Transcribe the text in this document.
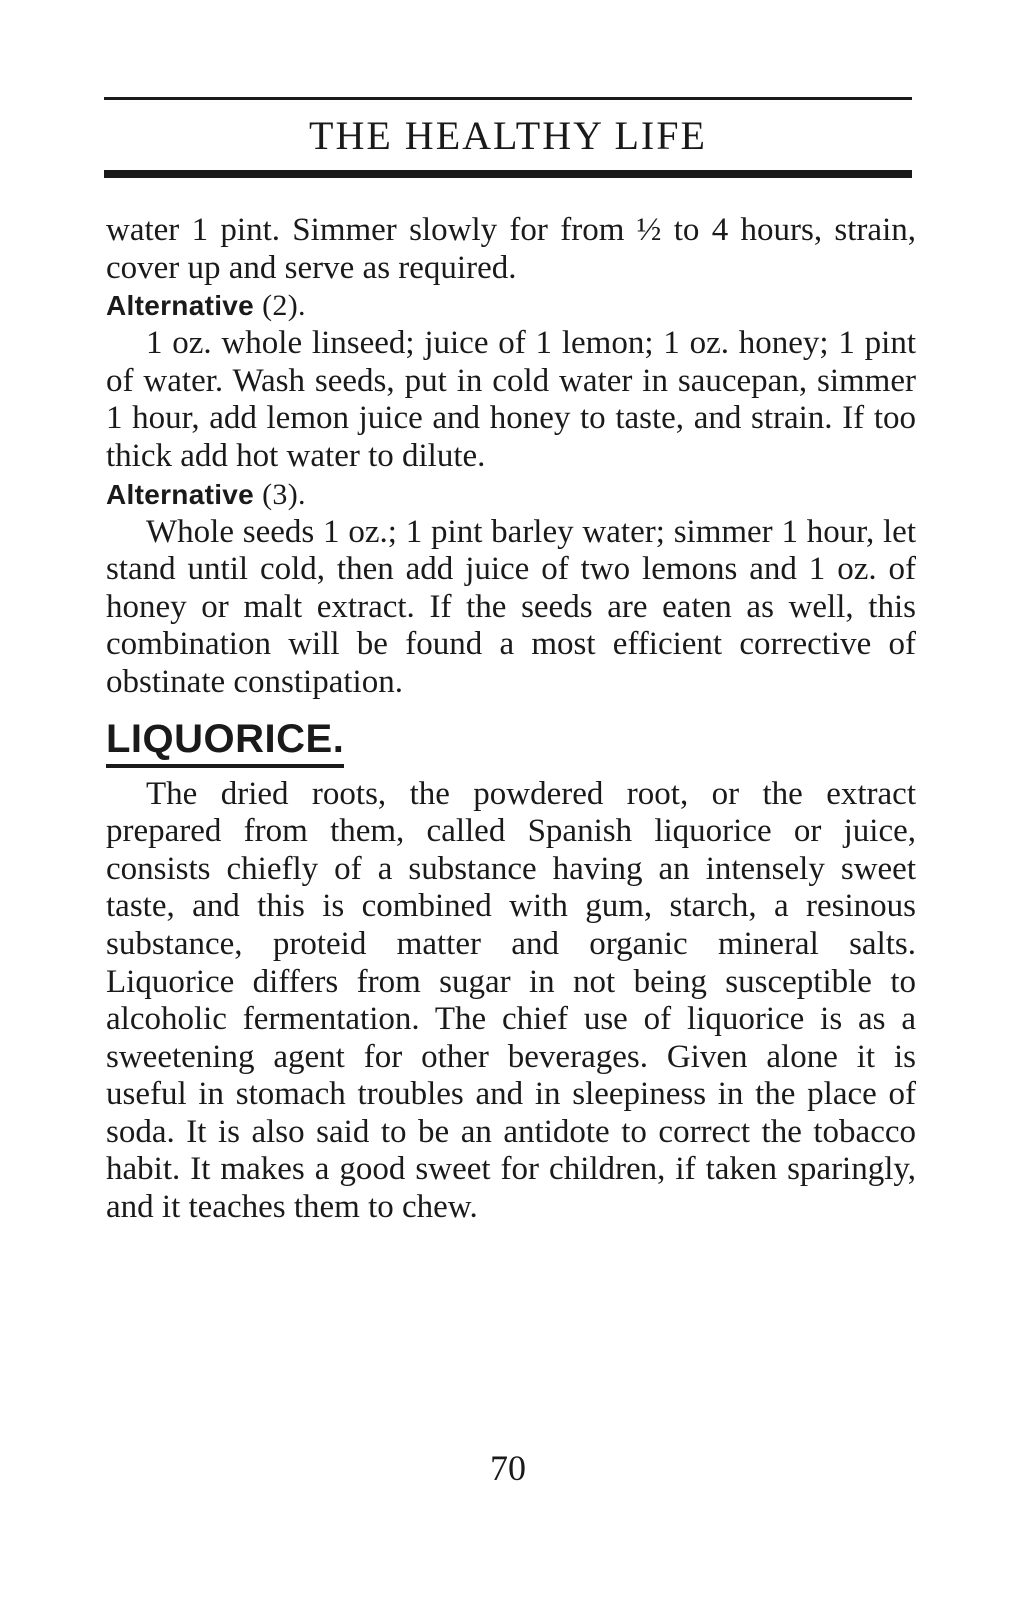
THE HEALTHY LIFE

water 1 pint. Simmer slowly for from ½ to 4 hours, strain, cover up and serve as required.

Alternative (2).

1 oz. whole linseed; juice of 1 lemon; 1 oz. honey; 1 pint of water. Wash seeds, put in cold water in saucepan, simmer 1 hour, add lemon juice and honey to taste, and strain. If too thick add hot water to dilute.

Alternative (3).

Whole seeds 1 oz.; 1 pint barley water; simmer 1 hour, let stand until cold, then add juice of two lemons and 1 oz. of honey or malt extract. If the seeds are eaten as well, this combination will be found a most efficient corrective of obstinate constipation.

LIQUORICE.

The dried roots, the powdered root, or the extract prepared from them, called Spanish liquorice or juice, consists chiefly of a substance having an intensely sweet taste, and this is combined with gum, starch, a resinous substance, proteid matter and organic mineral salts. Liquorice differs from sugar in not being susceptible to alcoholic fermentation. The chief use of liquorice is as a sweetening agent for other beverages. Given alone it is useful in stomach troubles and in sleepiness in the place of soda. It is also said to be an antidote to correct the tobacco habit. It makes a good sweet for children, if taken sparingly, and it teaches them to chew.

70
